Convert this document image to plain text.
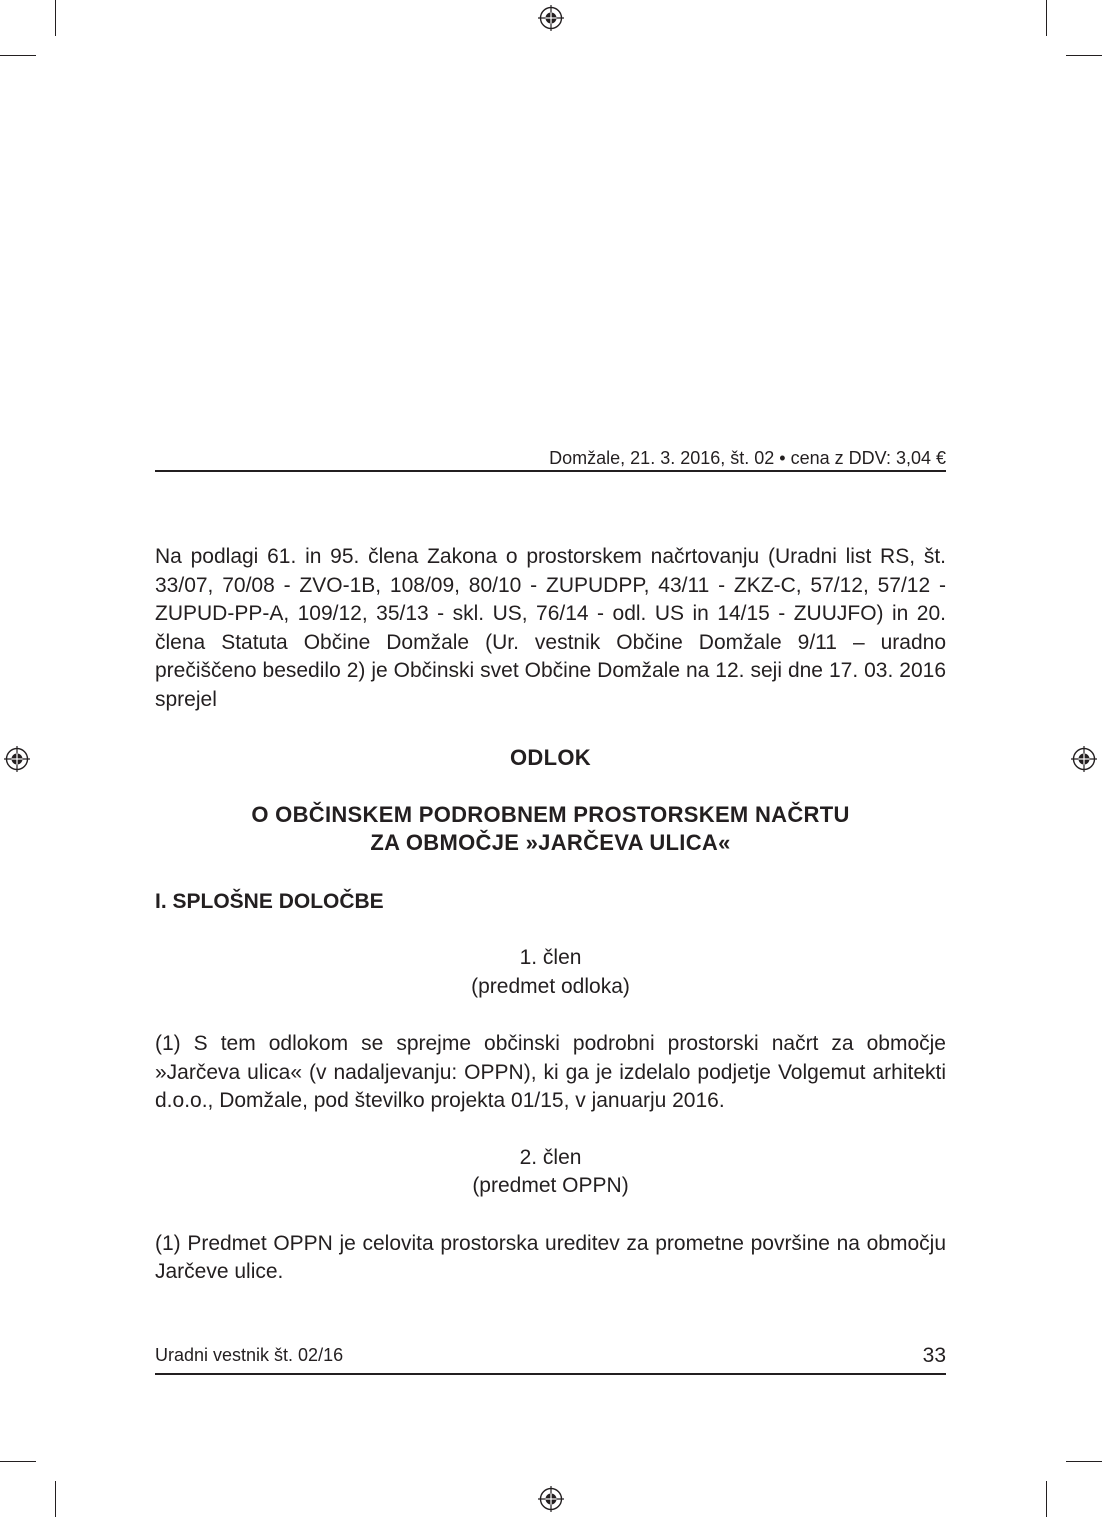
Domžale, 21. 3. 2016, št. 02 • cena z DDV: 3,04 €

Na podlagi 61. in 95. člena Zakona o prostorskem načrtovanju (Uradni list RS, št. 33/07, 70/08 - ZVO-1B, 108/09, 80/10 - ZUPUDPP, 43/11 - ZKZ-C, 57/12, 57/12 - ZUPUD-PP-A, 109/12, 35/13 - skl. US, 76/14 - odl. US in 14/15 - ZUUJFO) in 20. člena Statuta Občine Domžale (Ur. vestnik Občine Domžale 9/11 – uradno prečiščeno besedilo 2) je Občinski svet Občine Domžale na 12. seji dne 17. 03. 2016 sprejel

ODLOK

O OBČINSKEM PODROBNEM PROSTORSKEM NAČRTU

ZA OBMOČJE »JARČEVA ULICA«

I. SPLOŠNE DOLOČBE

1. člen
(predmet odloka)

(1) S tem odlokom se sprejme občinski podrobni prostorski načrt za območje »Jarčeva ulica« (v nadaljevanju: OPPN), ki ga je izdelalo podjetje Volgemut arhitekti d.o.o., Domžale, pod številko projekta 01/15, v januarju 2016.

2. člen
(predmet OPPN)

(1) Predmet OPPN je celovita prostorska ureditev za prometne površine na območju Jarčeve ulice.

Uradni vestnik št. 02/16	33
